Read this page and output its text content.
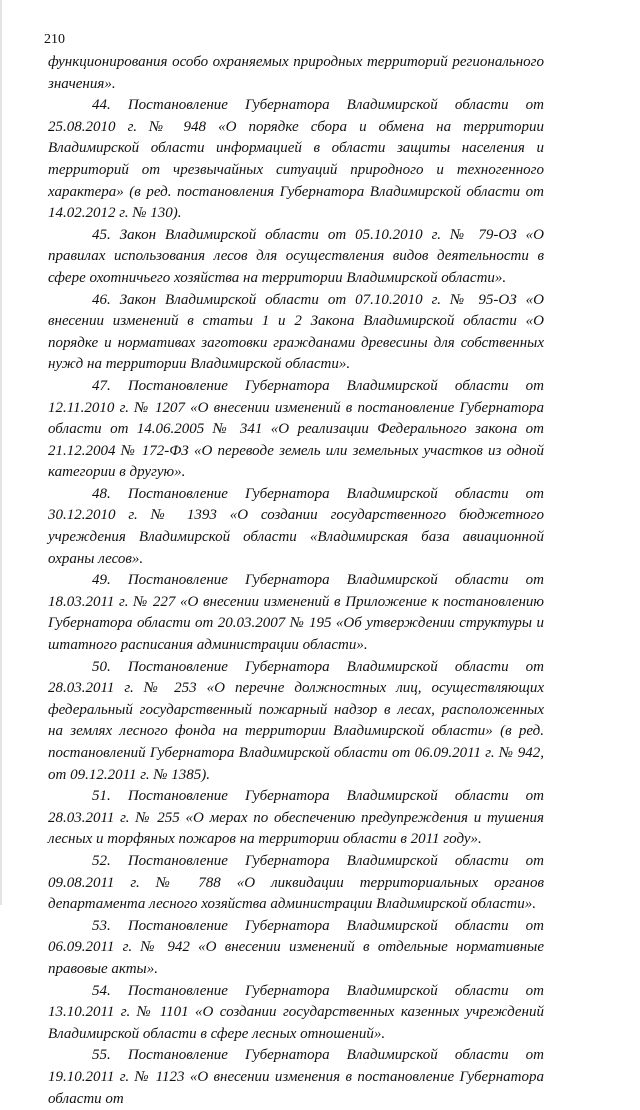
210

функционирования особо охраняемых природных территорий регионального значения».

44. Постановление Губернатора Владимирской области от 25.08.2010 г. № 948 «О порядке сбора и обмена на территории Владимирской области информацией в области защиты населения и территорий от чрезвычайных ситуаций природного и техногенного характера» (в ред. постановления Губернатора Владимирской области от 14.02.2012 г. № 130).

45. Закон Владимирской области от 05.10.2010 г. № 79-ОЗ «О правилах использования лесов для осуществления видов деятельности в сфере охотничьего хозяйства на территории Владимирской области».

46. Закон Владимирской области от 07.10.2010 г. № 95-ОЗ «О внесении изменений в статьи 1 и 2 Закона Владимирской области «О порядке и нормативах заготовки гражданами древесины для собственных нужд на территории Владимирской области».

47. Постановление Губернатора Владимирской области от 12.11.2010 г. № 1207 «О внесении изменений в постановление Губернатора области от 14.06.2005 № 341 «О реализации Федерального закона от 21.12.2004 № 172-ФЗ «О переводе земель или земельных участков из одной категории в другую».

48. Постановление Губернатора Владимирской области от 30.12.2010 г. № 1393 «О создании государственного бюджетного учреждения Владимирской области «Владимирская база авиационной охраны лесов».

49. Постановление Губернатора Владимирской области от 18.03.2011 г. № 227 «О внесении изменений в Приложение к постановлению Губернатора области от 20.03.2007 № 195 «Об утверждении структуры и штатного расписания администрации области».

50. Постановление Губернатора Владимирской области от 28.03.2011 г. № 253 «О перечне должностных лиц, осуществляющих федеральный государственный пожарный надзор в лесах, расположенных на землях лесного фонда на территории Владимирской области» (в ред. постановлений Губернатора Владимирской области от 06.09.2011 г. № 942, от 09.12.2011 г. № 1385).

51. Постановление Губернатора Владимирской области от 28.03.2011 г. № 255 «О мерах по обеспечению предупреждения и тушения лесных и торфяных пожаров на территории области в 2011 году».

52. Постановление Губернатора Владимирской области от 09.08.2011 г. № 788 «О ликвидации территориальных органов департамента лесного хозяйства администрации Владимирской области».

53. Постановление Губернатора Владимирской области от 06.09.2011 г. № 942 «О внесении изменений в отдельные нормативные правовые акты».

54. Постановление Губернатора Владимирской области от 13.10.2011 г. № 1101 «О создании государственных казенных учреждений Владимирской области в сфере лесных отношений».

55. Постановление Губернатора Владимирской области от 19.10.2011 г. № 1123 «О внесении изменения в постановление Губернатора области от
